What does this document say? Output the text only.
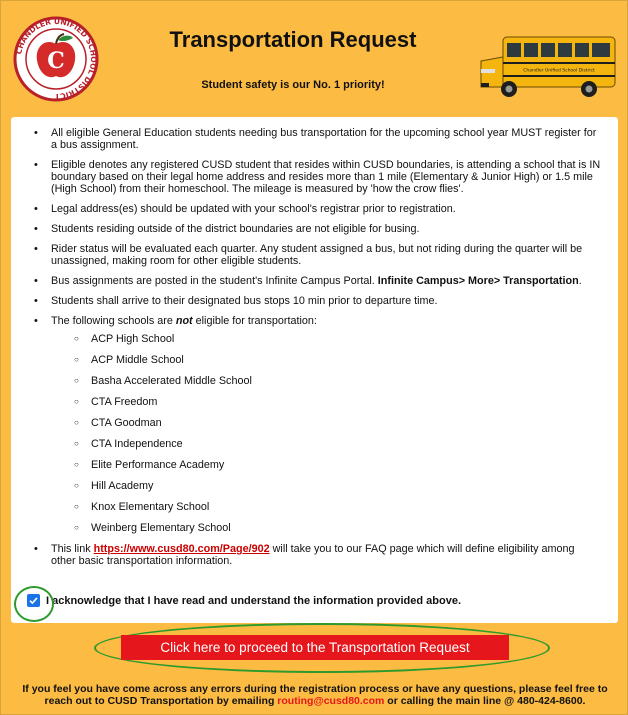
CHANDLER UNIFIED SCHOOL DISTRICT
C
Transportation Request
Student safety is our No. 1 priority!
Chandler Unified School District
• All eligible General Education students needing bus transportation for the upcoming school year MUST register for a bus assignment.
• Eligible denotes any registered CUSD student that resides within CUSD boundaries, is attending a school that is IN boundary based on their legal home address and resides more than 1 mile (Elementary & Junior High) or 1.5 mile (High School) from their homeschool. The mileage is measured by 'how the crow flies'.
• Legal address(es) should be updated with your school's registrar prior to registration.
• Students residing outside of the district boundaries are not eligible for busing.
• Rider status will be evaluated each quarter. Any student assigned a bus, but not riding during the quarter will be unassigned, making room for other eligible students.
• Bus assignments are posted in the student's Infinite Campus Portal. Infinite Campus> More> Transportation.
• Students shall arrive to their designated bus stops 10 min prior to departure time.
• The following schools are not eligible for transportation:
○ ACP High School
○ ACP Middle School
○ Basha Accelerated Middle School
○ CTA Freedom
○ CTA Goodman
○ CTA Independence
○ Elite Performance Academy
○ Hill Academy
○ Knox Elementary School
○ Weinberg Elementary School
• This link https://www.cusd80.com/Page/902 will take you to our FAQ page which will define eligibility among other basic transportation information.
I acknowledge that I have read and understand the information provided above.
Click here to proceed to the Transportation Request
If you feel you have come across any errors during the registration process or have any questions, please feel free to
reach out to CUSD Transportation by emailing routing@cusd80.com or calling the main line @ 480-424-8600.
